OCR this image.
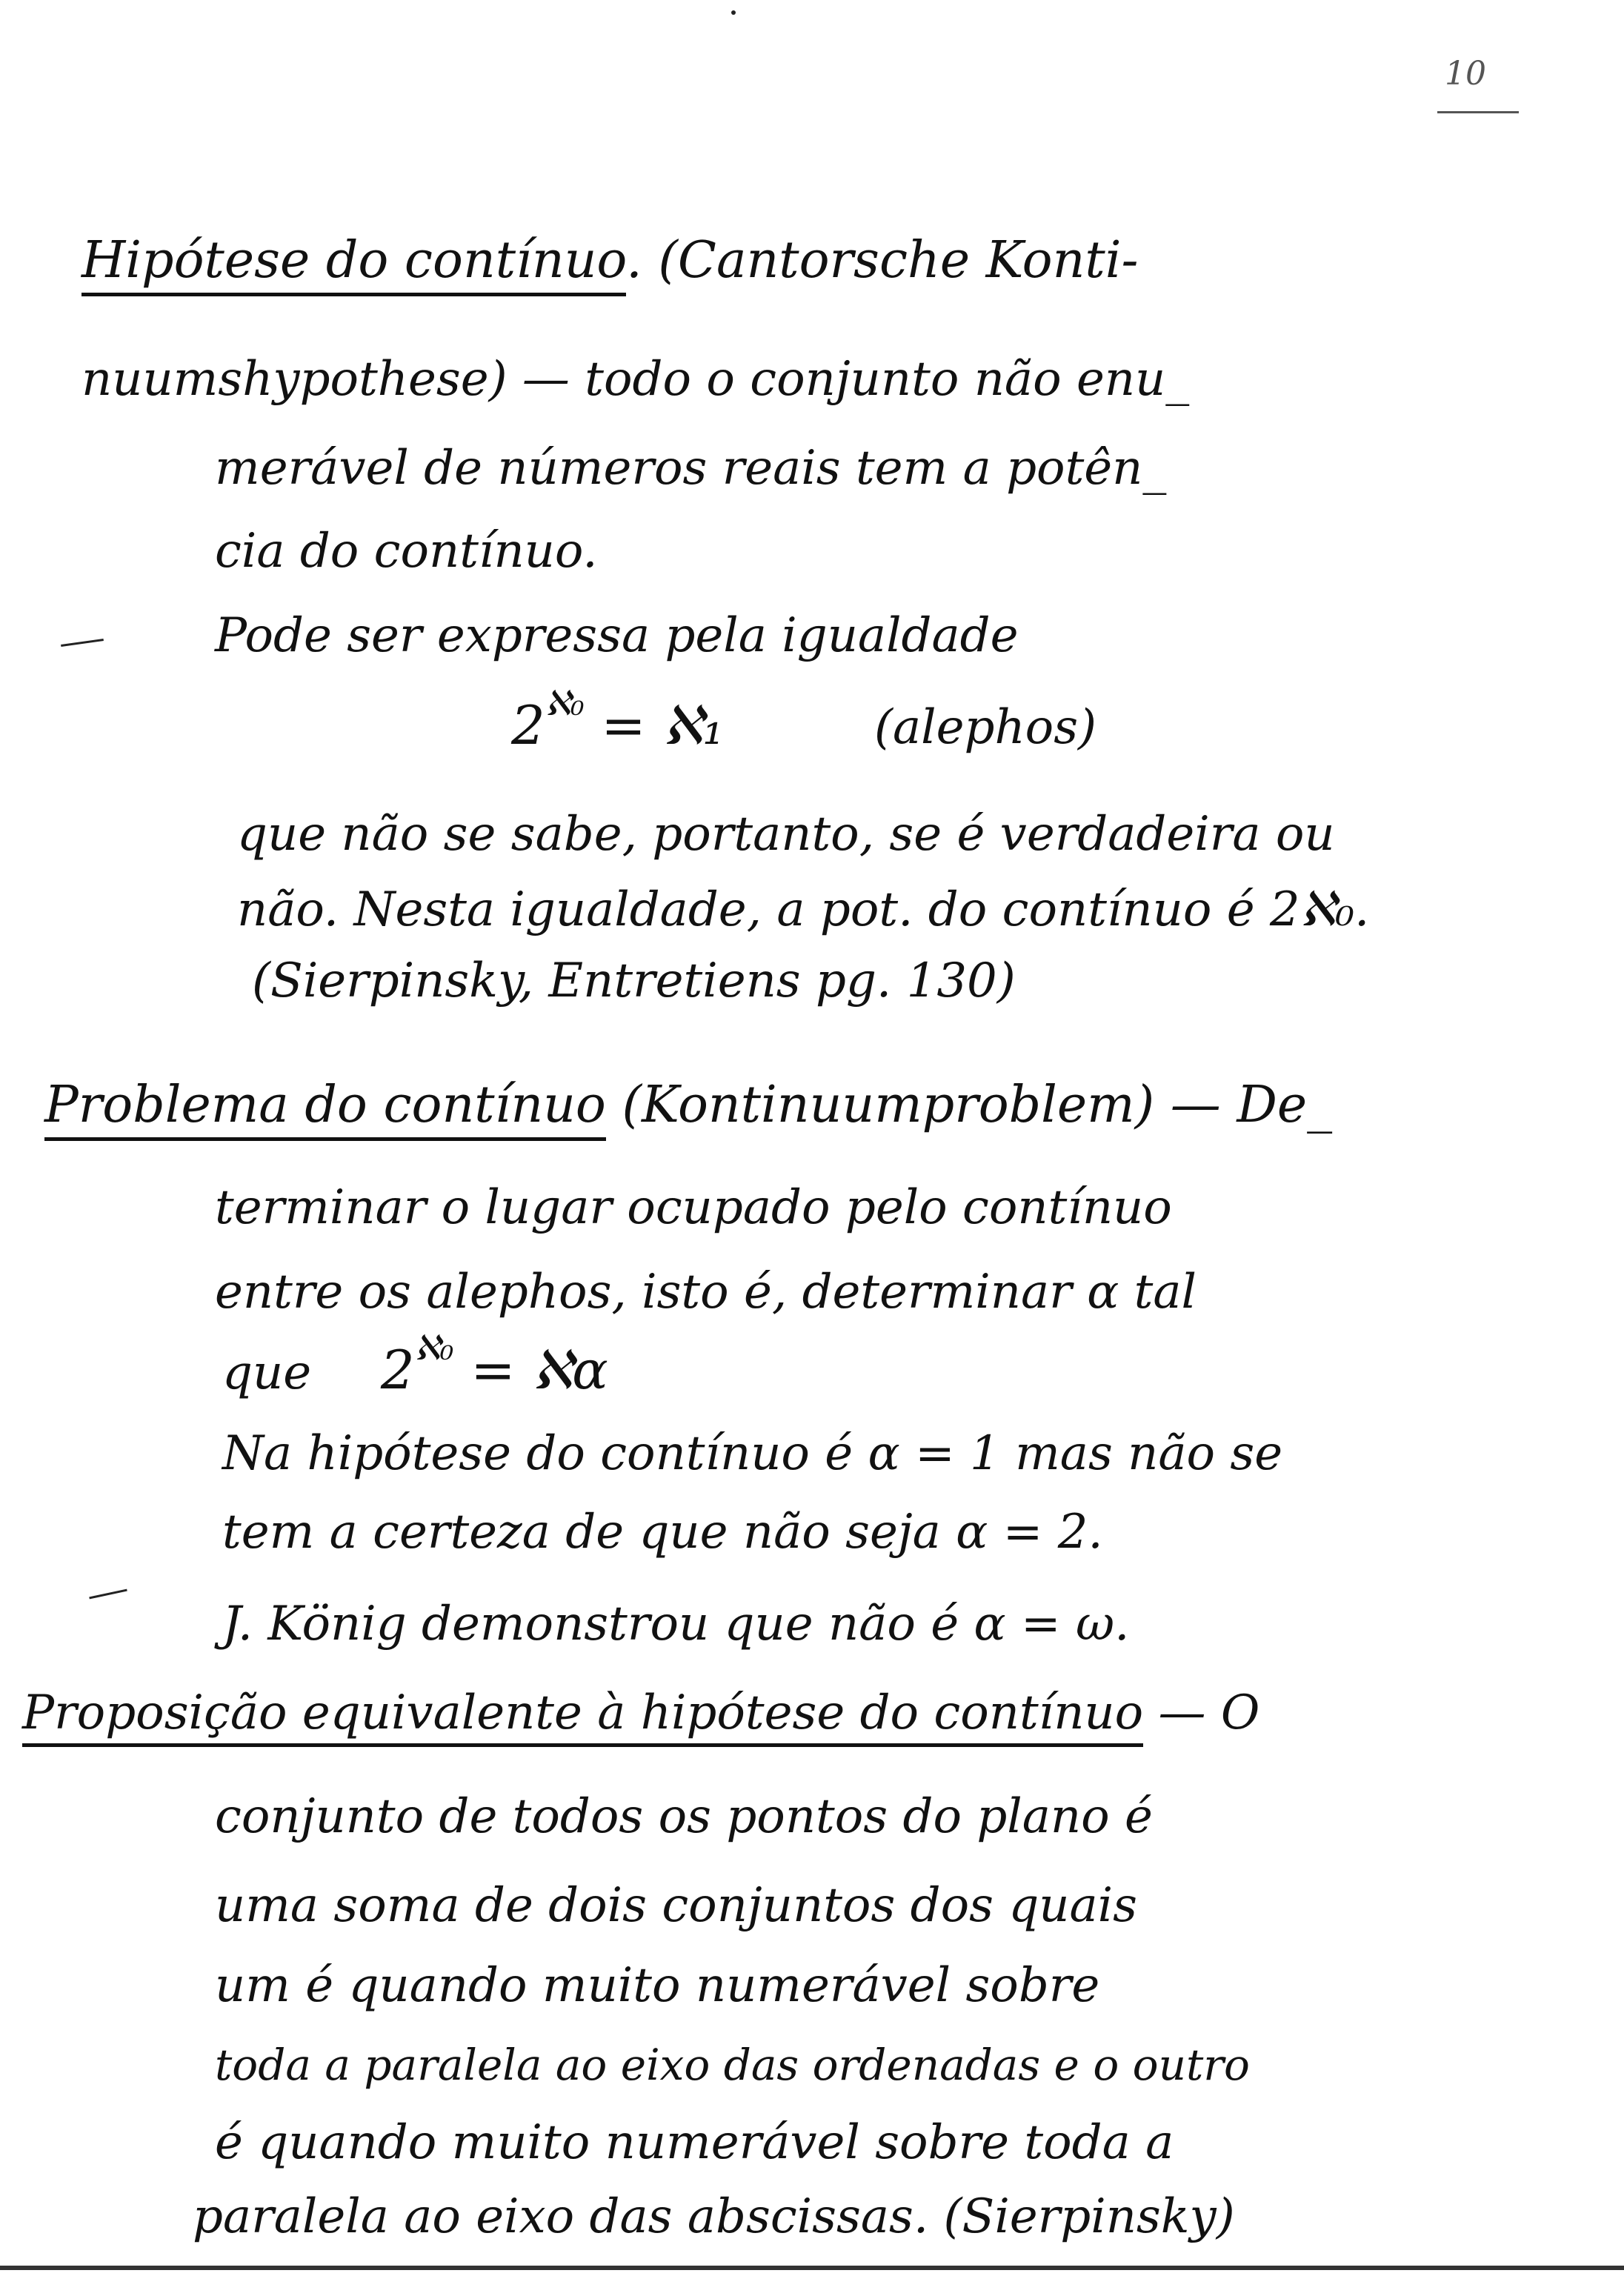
10
Hipótese do contínuo. (Cantorsche Konti-
nuumshypothese) — todo o conjunto não enu_
merável de números reais tem a potên_
cia do contínuo.
Pode ser expressa pela igualdade
$2^{ℵ_0}$ = ℵ₁	(alephos)
que não se sabe, portanto, se é verdadeira ou
não. Nesta igualdade, a pot. do contínuo é 2ℵ₀.
(Sierpinsky, Entretiens pg. 130)
Problema do contínuo (Kontinuumproblem) — De_
terminar o lugar ocupado pelo contínuo
entre os alephos, isto é, determinar α tal
que $2^{ℵ_0}$ = ℵα
Na hipótese do contínuo é α = 1 mas não se
tem a certeza de que não seja α = 2.
J. König demonstrou que não é α = ω.
Proposição equivalente à hipótese do contínuo — O
conjunto de todos os pontos do plano é
uma soma de dois conjuntos dos quais
um é quando muito numerável sobre
toda a paralela ao eixo das ordenadas e o outro
é quando muito numerável sobre toda a
paralela ao eixo das abscissas. (Sierpinsky)
